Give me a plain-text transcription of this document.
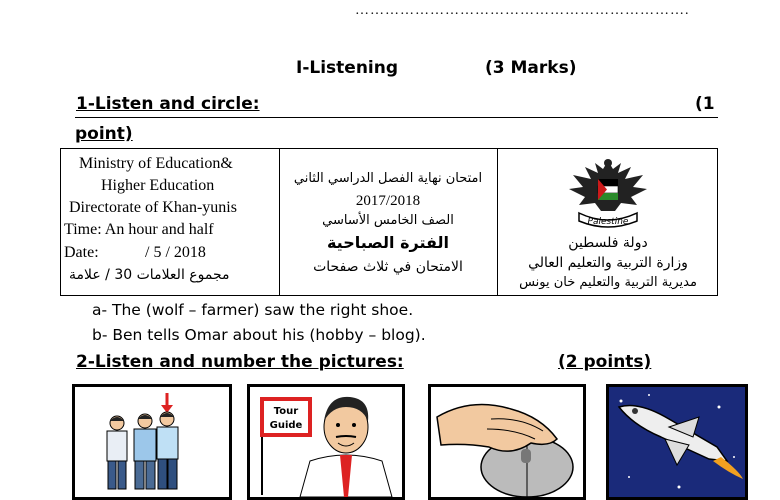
………………………………………………………….
I-Listening	(3 Marks)
1-Listen and circle:	(1
point)
Ministry of Education&
Higher Education
Directorate of Khan-yunis
Time: An hour and half
Date:	/ 5 / 2018
مجموع العلامات 30 / علامة
امتحان نهاية الفصل الدراسي الثاني
2017/2018
الصف الخامس الأساسي
الفترة الصباحية
الامتحان في ثلاث صفحات
Palestine
دولة فلسطين
وزارة التربية والتعليم العالي
مديرية التربية والتعليم خان يونس
a- The (wolf – farmer) saw the right shoe.
b- Ben tells Omar about his (hobby – blog).
2-Listen and number the pictures:	(2 points)
Tour
Guide
